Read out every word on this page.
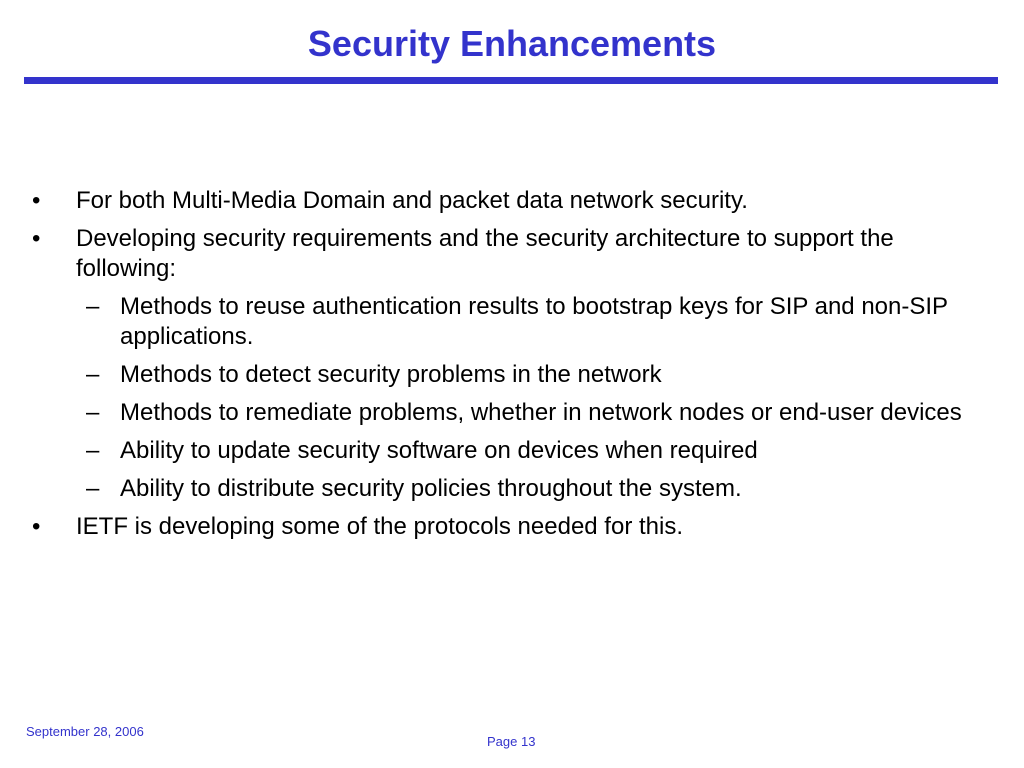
Security Enhancements
• For both Multi-Media Domain and packet data network security.
• Developing security requirements and the security architecture to support the following:
– Methods to reuse authentication results to bootstrap keys for SIP and non-SIP applications.
– Methods to detect security problems in the network
– Methods to remediate problems, whether in network nodes or end-user devices
– Ability to update security software on devices when required
– Ability to distribute security policies throughout the system.
• IETF is developing some of the protocols needed for this.
September 28, 2006
Page 13
